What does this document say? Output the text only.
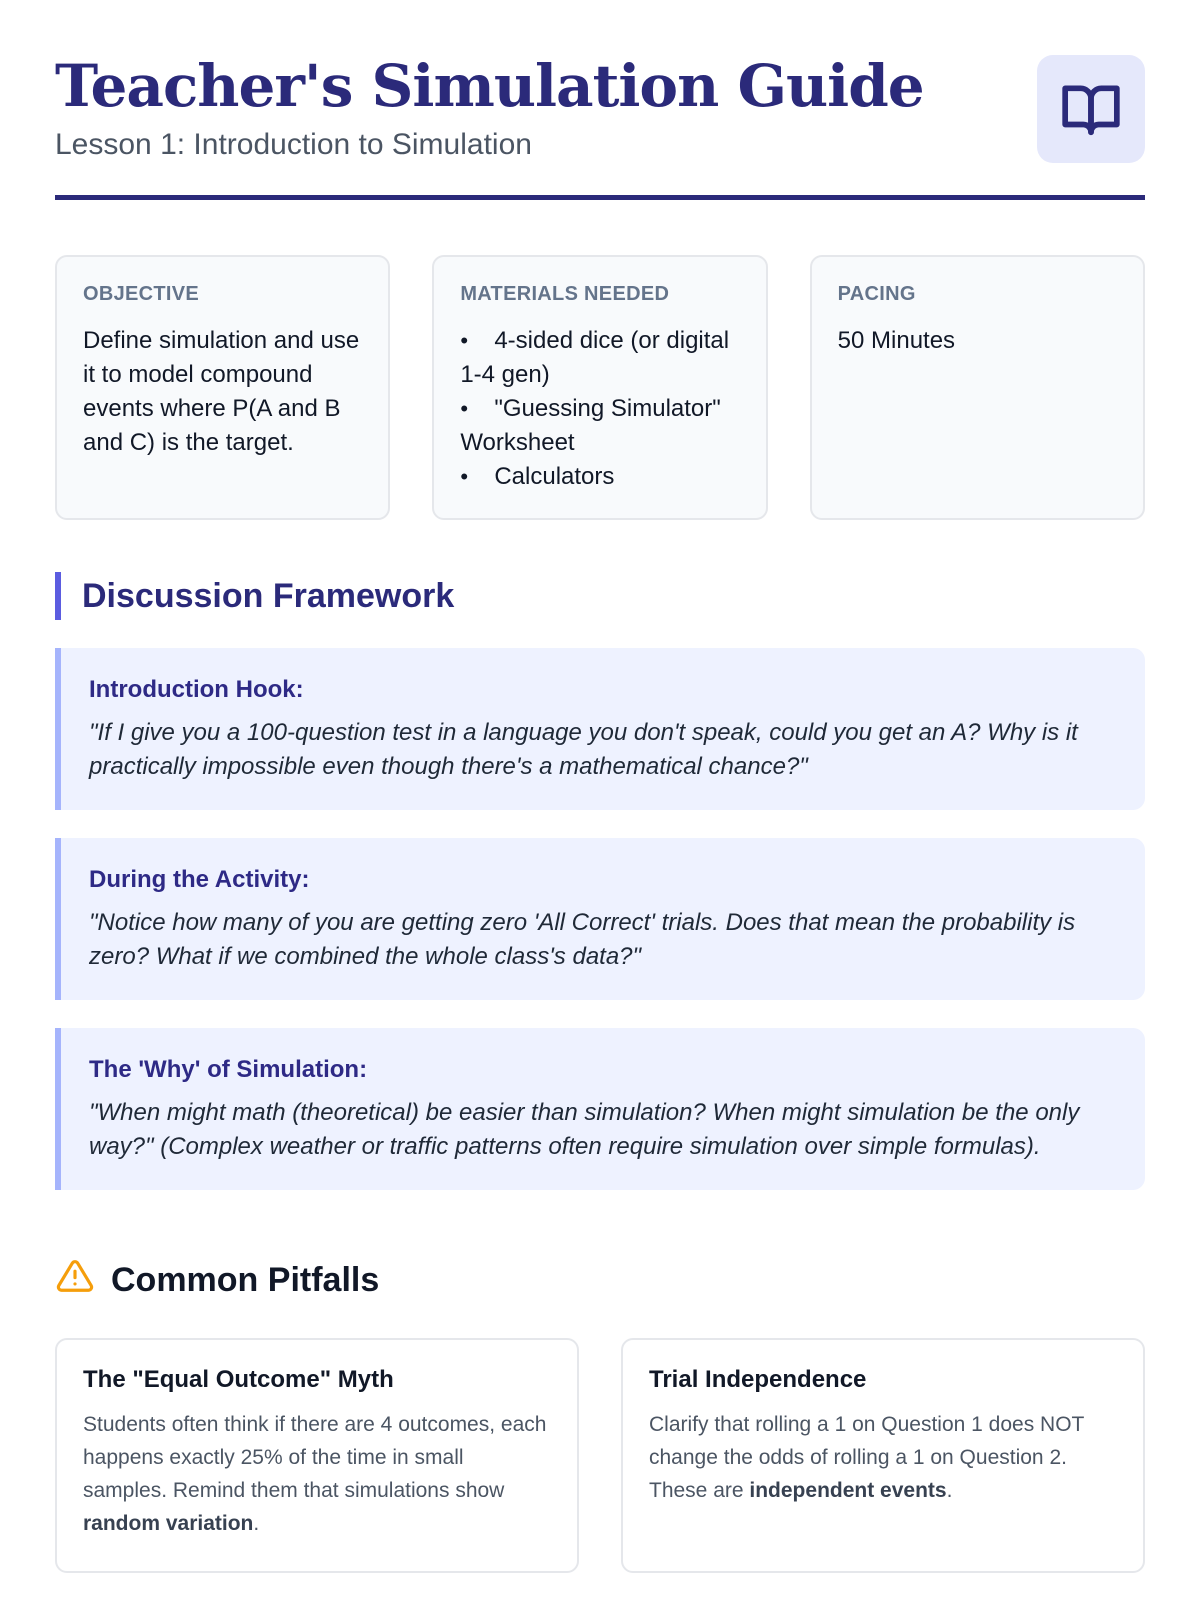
Teacher's Simulation Guide
Lesson 1: Introduction to Simulation
OBJECTIVE
Define simulation and use it to model compound events where P(A and B and C) is the target.
MATERIALS NEEDED
• 4-sided dice (or digital 1-4 gen)
• "Guessing Simulator" Worksheet
• Calculators
PACING
50 Minutes
Discussion Framework
Introduction Hook:
"If I give you a 100-question test in a language you don't speak, could you get an A? Why is it practically impossible even though there's a mathematical chance?"
During the Activity:
"Notice how many of you are getting zero 'All Correct' trials. Does that mean the probability is zero? What if we combined the whole class's data?"
The 'Why' of Simulation:
"When might math (theoretical) be easier than simulation? When might simulation be the only way?" (Complex weather or traffic patterns often require simulation over simple formulas).
Common Pitfalls
The "Equal Outcome" Myth
Students often think if there are 4 outcomes, each happens exactly 25% of the time in small samples. Remind them that simulations show random variation.
Trial Independence
Clarify that rolling a 1 on Question 1 does NOT change the odds of rolling a 1 on Question 2. These are independent events.
